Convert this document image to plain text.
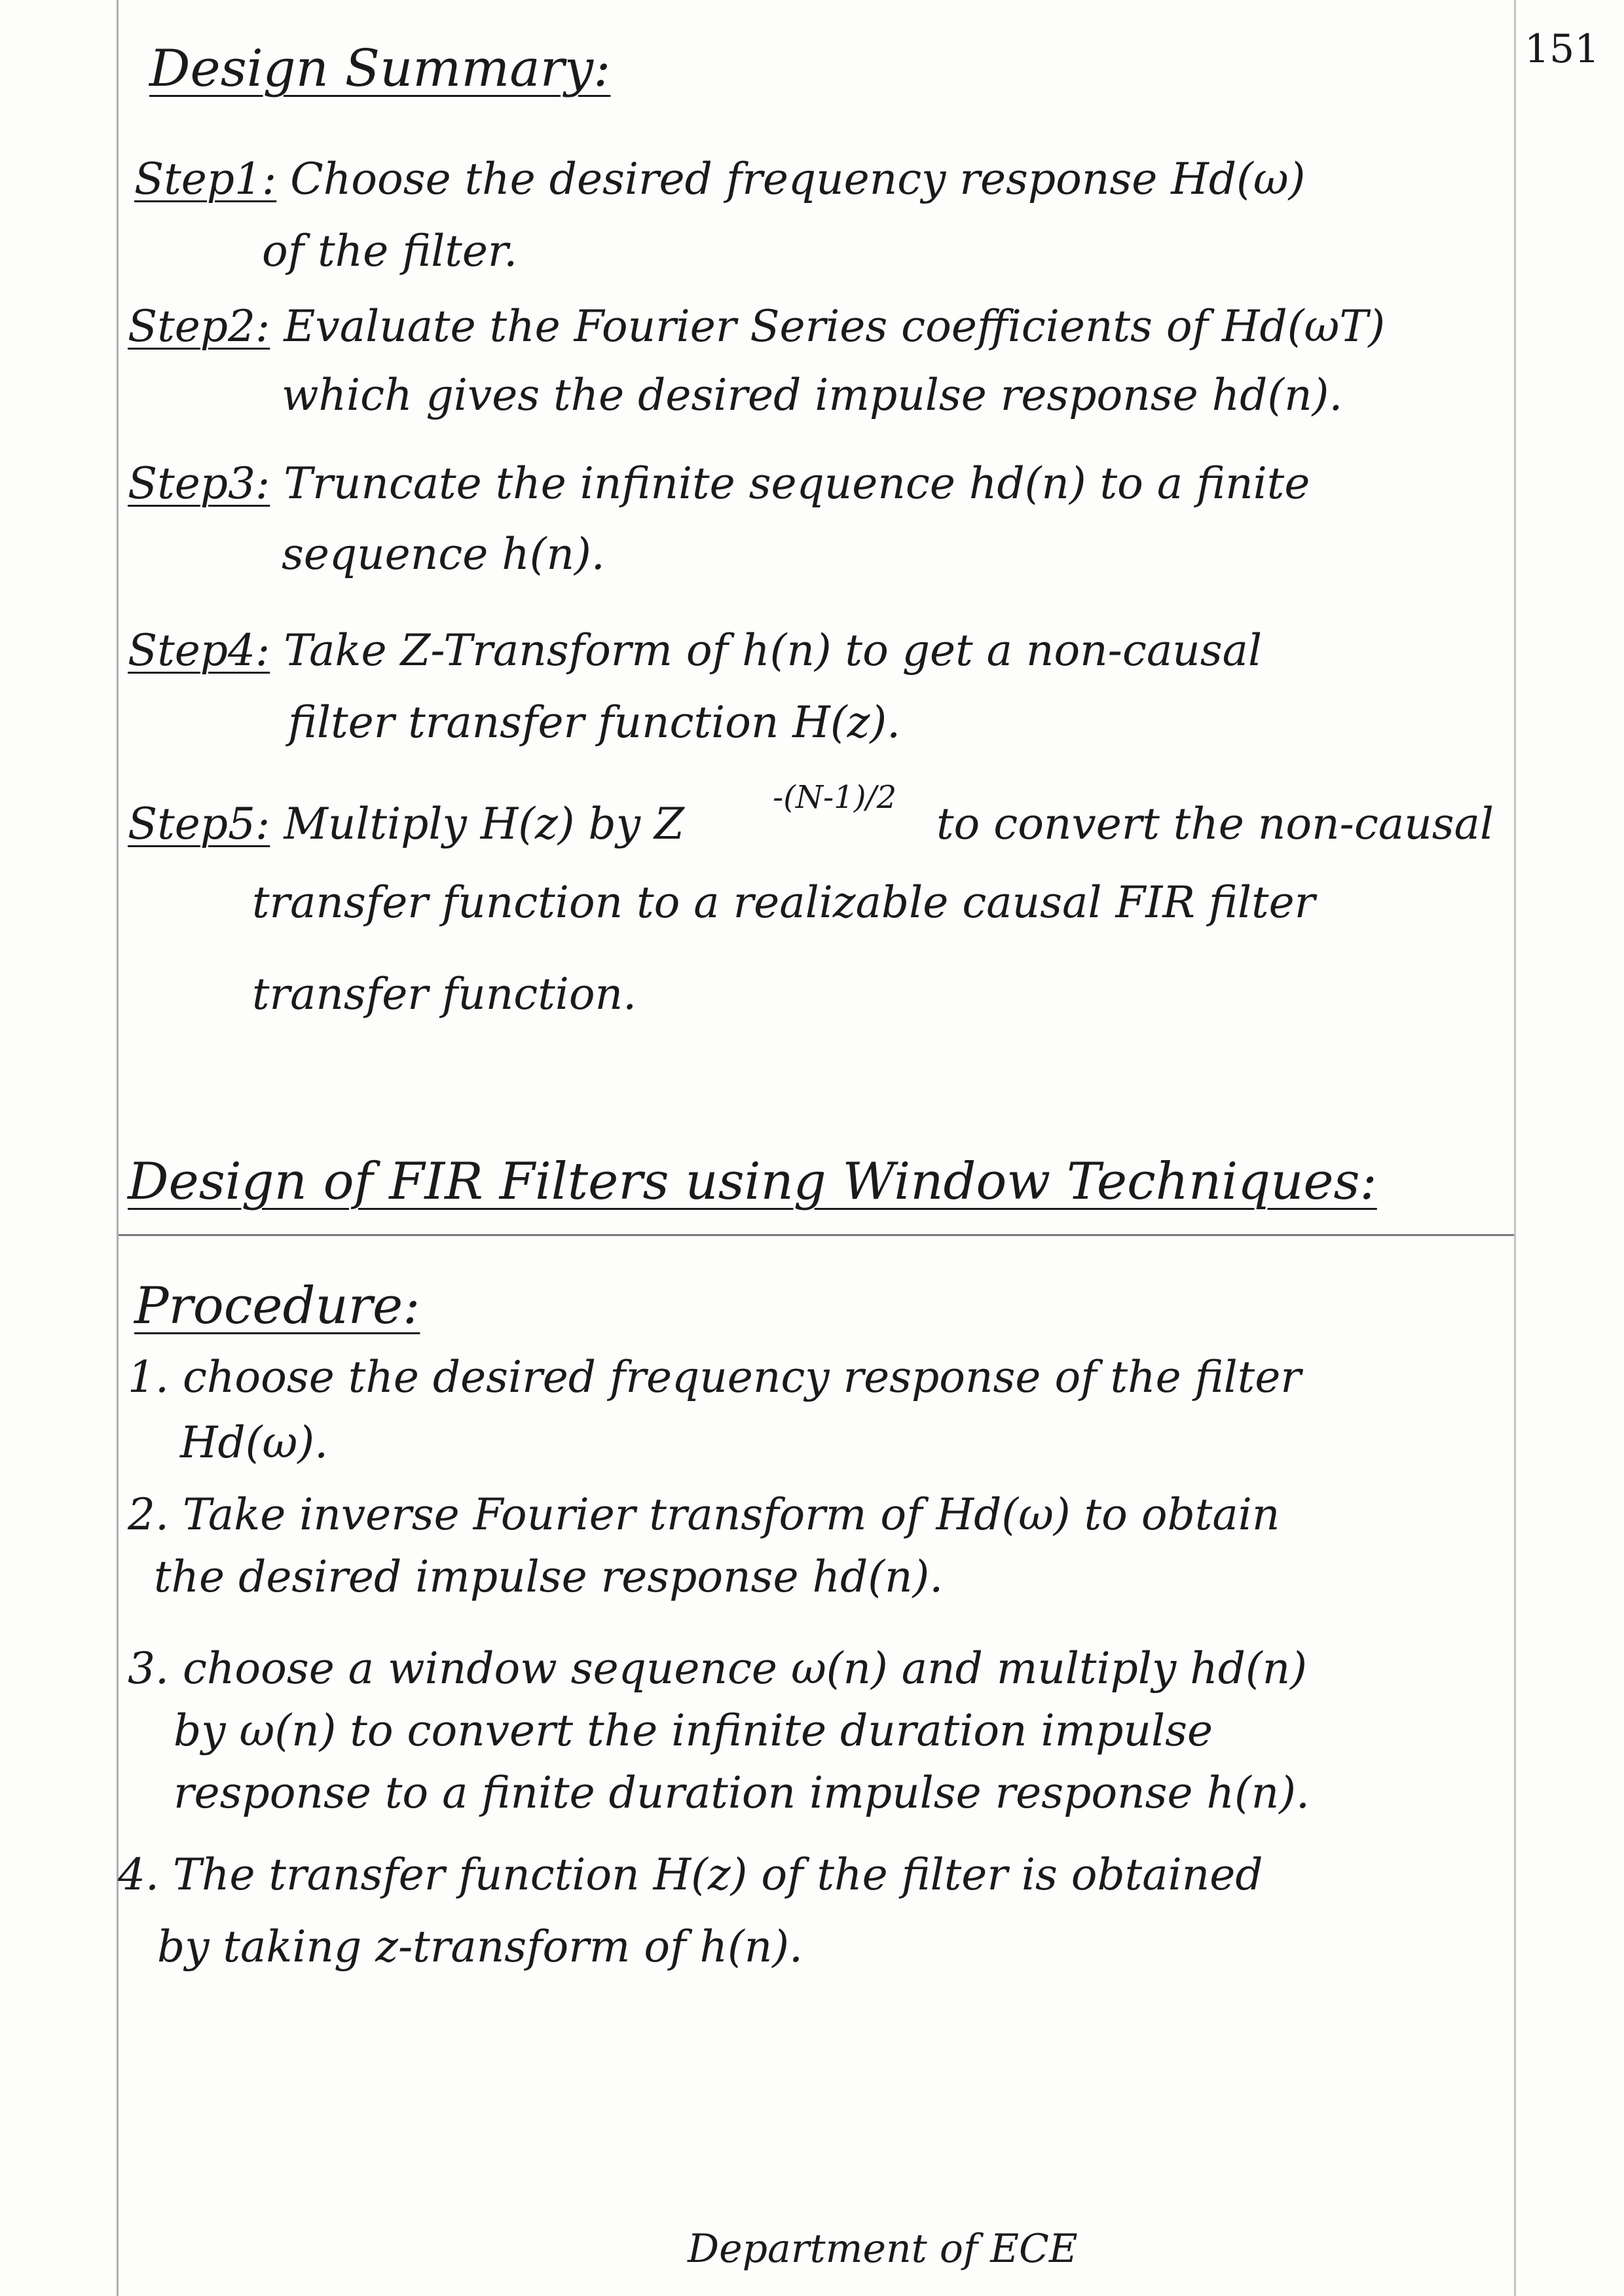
151
Design Summary:
Step1: Choose the desired frequency response Hd(ω)
of the filter.
Step2: Evaluate the Fourier Series coefficients of Hd(ωT)
which gives the desired impulse response hd(n).
Step3: Truncate the infinite sequence hd(n) to a finite
sequence h(n).
Step4: Take Z-Transform of h(n) to get a non-causal
filter transfer function H(z).
Step5: Multiply H(z) by Z
-(N-1)/2
to convert the non-causal
transfer function to a realizable causal FIR filter
transfer function.
Design of FIR Filters using Window Techniques:
Procedure:
1. choose the desired frequency response of the filter
Hd(ω).
2. Take inverse Fourier transform of Hd(ω) to obtain
the desired impulse response hd(n).
3. choose a window sequence ω(n) and multiply hd(n)
by ω(n) to convert the infinite duration impulse
response to a finite duration impulse response h(n).
4. The transfer function H(z) of the filter is obtained
by taking z-transform of h(n).
Department of ECE
